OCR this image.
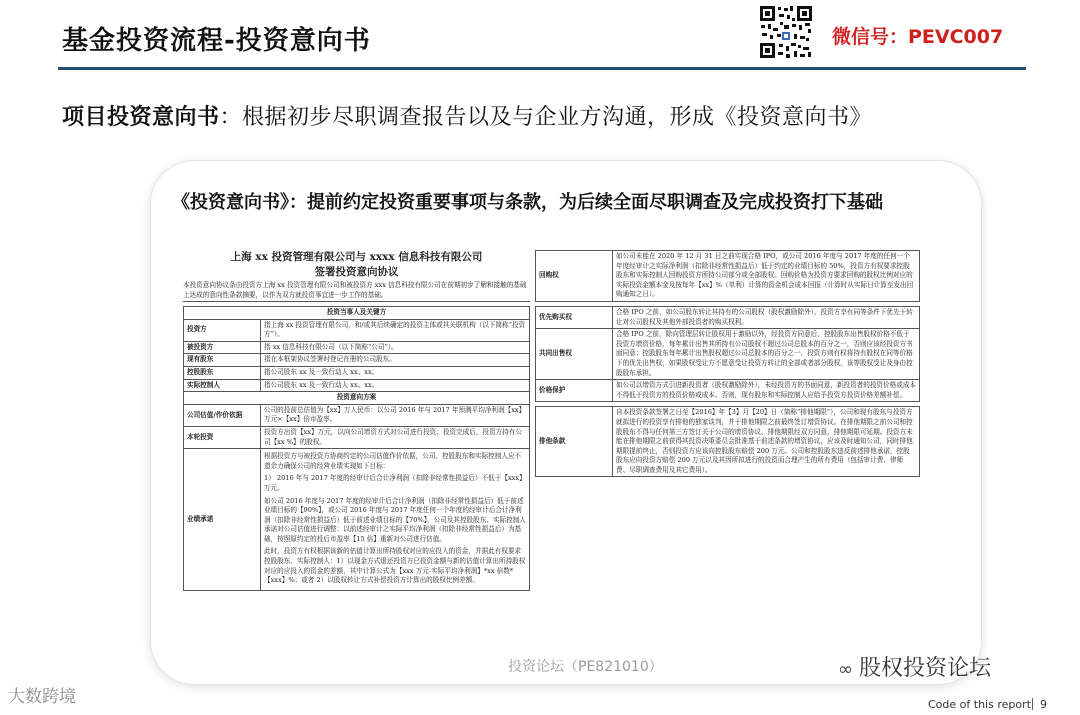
基金投资流程-投资意向书	微信号：PEVC007
项目投资意向书：根据初步尽职调查报告以及与企业方沟通，形成《投资意向书》
《投资意向书》：提前约定投资重要事项与条款，为后续全面尽职调查及完成投资打下基础
上海 xx 投资管理有限公司与 xxxx 信息科技有限公司
签署投资意向协议
本投资意向协议条由投资方上海 xx 投资管理有限公司和被投资方 xxx 信息科技有限公司在前期初步了解和接触的基础上达成的意向性条款摘要，以作为双方就投资事宜进一步工作的基础。
投资当事人及关键方	
投资方	指上海 xx 投资管理有限公司，和/或其后续确定的投资主体或其关联机构（以下简称“投资方”）。
被投资方	指 xx 信息科技有限公司（以下简称“公司”）。
现有股东	指在本框架协议签署时登记在册的公司股东。
控股股东	指公司股东 xx 及一致行动人 xx、xx。
实际控制人	指公司股东 xx 及一致行动人 xx、xx。
投资意向方案	
公司估值/作价依据	公司的投前总估值为【xx】万人民币：以公司 2016 年与 2017 年预测平均净利润【xx】万元×【xx】倍市盈率。
本轮投资	投资方出资【xx】万元，以向公司增资方式对公司进行投资；投资完成后，投资方持有公司【xx %】的股权。
业绩承诺	根据投资方与被投资方协商约定的公司估值作价依据，公司、控股股东和实际控制人应不遗余力确保公司的经营业绩实现如下目标：
1） 2016 年与 2017 年度的经审计后合计净利润（扣除非经常性损益后）不低于【xxx】万元。
如公司 2016 年度与 2017 年度的经审计后合计净利润（扣除非经常性损益后）低于前述业绩目标的【90%】，或公司 2016 年度与 2017 年度任何一个年度的经审计后合计净利润（扣除非经常性损益后）低于前述业绩目标的【70%】，公司及其控股股东、实际控制人承诺对公司估值进行调整：以前述经审计之实际平均净利润（扣除非经常性损益后）为基础，按照原约定的投后市盈率【15 倍】重新对公司进行估值。
此时，投资方有权根据该新的估值计算出所持股权对应的应投入的资金，并据此有权要求控股股东、实际控制人：1）以现金方式退还投资方已投资金额与新的估值计算出所持股权对应的应投入的资金的差额，其中计算公式为【xxx 万元-实际平均净利润】*xx 倍数*【xxx】%；或者 2）以股权转让方式补偿投资方计算出的股权比例差额。
回购权	如公司未能在 2020 年 12 月 31 日之前实现合格 IPO，或公司 2016 年度与 2017 年度的任何一个年度经审计之实际净利润（扣除非经常性损益后）低于约定的业绩目标的 50%，投资方有权要求控股股东和实际控制人回购投资方所持公司部分或全部股权。回购价格为投资方要求回购的股权比例对应的实际投资金额本金及按每年【xx】%（单利）计算的资金机会成本回报（计算时从实际日计算至发出回购通知之日）。
优先购买权	合格 IPO 之前，如公司股东转让其持有的公司股权（股权激励除外），投资方享有同等条件下优先于转让对公司股权及其他外部投资者的购买权利。
共同出售权	合格 IPO 之前，除向管理层转让股权用于激励以外，经投资方同意后，控股股东出售股权价格不低于投资方增资价格，每年累计出售其所持有公司股权不超过公司总股本的百分之一，否则应该经投资方书面同意；控股股东每年累计出售股权超过公司总股本的百分之一，投资方则有权将持有股权在同等价格下的优先出售权，如果股权受让方不愿意受让投资方转让的全部或者部分股权，该等股权受让及身由控股股东承担。
价格保护	如公司以增资方式引进新投资者（股权激励除外），未经投资方的书面同意，新投资者的投资价格或成本不得低于投资方的投资价格或成本。否则，现有股东和实际控制人应给予投资方投资价格差额补偿。
排他条款	自本投资条款签署之日至【2016】年【3】月【20】日（简称“排他期限”），公司和现有股东与投资方就拟进行的投资享有排他的独家谈判，并于排他期限之前最终签订增资协议。在排他期限之前公司和控股股东不得与任何第三方签订关于公司的增资协议。排他期限经双方同意，排他期限可延期。投资方未能在排他期限之前获得其投资决策委员会批准基于前述条款的增资协议，应该及时通知公司，同时排他期限提前终止，否则投资方应该向控股股东赔偿 200 万元。公司和控股股东违反前述排他承诺，控股股东应向投资方赔偿 200 万元以及其因所拟进行的投资而合理产生的所有费用（包括审计费、律师费、尽职调查费用及其它费用）。
投资论坛（PE821010）	∞ 股权投资论坛
大数跨境	Code of this report 9
